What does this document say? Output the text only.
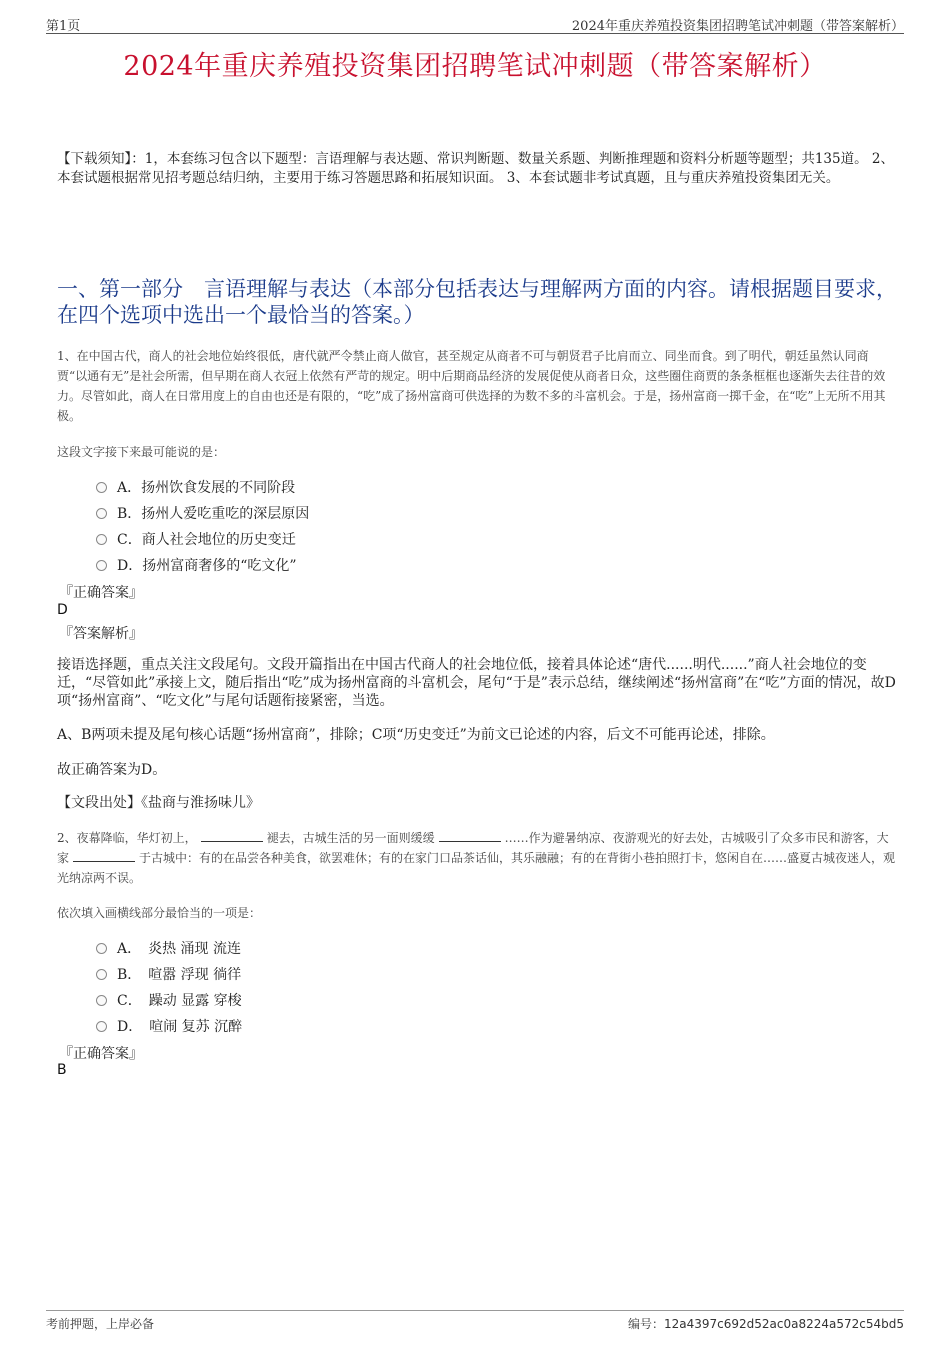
第1页	2024年重庆养殖投资集团招聘笔试冲刺题（带答案解析）
2024年重庆养殖投资集团招聘笔试冲刺题（带答案解析）
【下载须知】：1，本套练习包含以下题型：言语理解与表达题、常识判断题、数量关系题、判断推理题和资料分析题等题型；共135道。 2、本套试题根据常见招考题总结归纳，主要用于练习答题思路和拓展知识面。 3、本套试题非考试真题，且与重庆养殖投资集团无关。
一、第一部分　言语理解与表达（本部分包括表达与理解两方面的内容。请根据题目要求，在四个选项中选出一个最恰当的答案。）
1、在中国古代，商人的社会地位始终很低，唐代就严令禁止商人做官，甚至规定从商者不可与朝贤君子比肩而立、同坐而食。到了明代，朝廷虽然认同商贾“以通有无”是社会所需，但早期在商人衣冠上依然有严苛的规定。明中后期商品经济的发展促使从商者日众，这些圈住商贾的条条框框也逐渐失去往昔的效力。尽管如此，商人在日常用度上的自由也还是有限的，“吃”成了扬州富商可供选择的为数不多的斗富机会。于是，扬州富商一掷千金，在“吃”上无所不用其极。
这段文字接下来最可能说的是：
A．扬州饮食发展的不同阶段
B．扬州人爱吃重吃的深层原因
C．商人社会地位的历史变迁
D．扬州富商奢侈的“吃文化”
『正确答案』
D
『答案解析』
接语选择题，重点关注文段尾句。文段开篇指出在中国古代商人的社会地位低，接着具体论述“唐代......明代......”商人社会地位的变迁，“尽管如此”承接上文，随后指出“吃”成为扬州富商的斗富机会，尾句“于是”表示总结，继续阐述“扬州富商”在“吃”方面的情况，故D项“扬州富商”、“吃文化”与尾句话题衔接紧密，当选。
A、B两项未提及尾句核心话题“扬州富商”，排除；C项“历史变迁”为前文已论述的内容，后文不可能再论述，排除。
故正确答案为D。
【文段出处】《盐商与淮扬味儿》
2、夜幕降临，华灯初上，	褪去，古城生活的另一面则缓缓	……作为避暑纳凉、夜游观光的好去处，古城吸引了众多市民和游客，大家	于古城中：有的在品尝各种美食，欲罢难休；有的在家门口品茶话仙，其乐融融；有的在背街小巷拍照打卡，悠闲自在……盛夏古城夜迷人，观光纳凉两不误。
依次填入画横线部分最恰当的一项是：
A．　炎热 涌现 流连
B．　喧嚣 浮现 徜徉
C．　躁动 显露 穿梭
D．　喧闹 复苏 沉醉
『正确答案』
B
考前押题，上岸必备	编号：12a4397c692d52ac0a8224a572c54bd5
